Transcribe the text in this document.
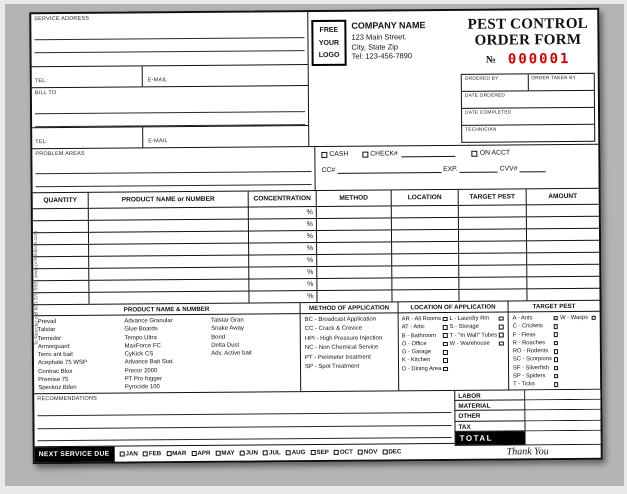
To Reorder call 800-370-5591 www.printit4less.com
SERVICE ADDRESS
TEL:	E-MAIL
BILL TO
TEL:	E-MAIL
FREE
YOUR
LOGO
COMPANY NAME
123 Main Street.
City, State Zip
Tel: 123-456-7890
PEST CONTROL
ORDER FORM
№ 000001
ORDERED BY	ORDER TAKEN BY
DATE ORDERED
DATE COMPLETED
TECHNICIAN
PROBLEM AREAS	CASH	CHECK#	ON ACCT
CC#	EXP.	CVV#
QUANTITY	PRODUCT NAME or NUMBER	CONCENTRATION	METHOD	LOCATION	TARGET PEST	AMOUNT
%
%
%
%
%
%
%
%
PRODUCT NAME & NUMBER
Prevail
Talstar
Termidor
Armorguard
Terro ant bait
Acephate 75 WSP
Contrac Blox
Premise 75
Speckoz Bifen
Advance Granular
Glue Boards
Tempo Ultra
MaxForce FC
CyKick CS
Advance Bait Stat.
Precor 2000
PT Pro fogger
Pyrocide 100
Talstar Gran
Snake Away
Borid
Delta Dust
Adv. Active bait
METHOD OF APPLICATION
BC - Broadcast Application
CC - Crack & Crevice
HPI - High Pressure Injection
NC - Non Chemical Service
PT - Perimeter treatment
SP - Spot Treatment
LOCATION OF APPLICATION
AR - All Rooms
AT - Attic
B - Bathroom
O - Office
G - Garage
K - Kitchen
D - Dining Area
L - Laundry Rm
S - Storage
T - "In Wall" Tubes
W - Warehouse
TARGET PEST
A - Ants
C - Crickets
F - Fleas
R - Roaches
RO - Rodents
SC - Scorpions
SF - Silverfish
SP - Spiders
T - Ticks
W - Wasps
RECOMMENDATIONS
NEXT SERVICE DUE	JAN FEB MAR APR MAY JUN JUL AUG SEP OCT NOV DEC
LABOR
MATERIAL
OTHER
TAX
TOTAL
Thank You
